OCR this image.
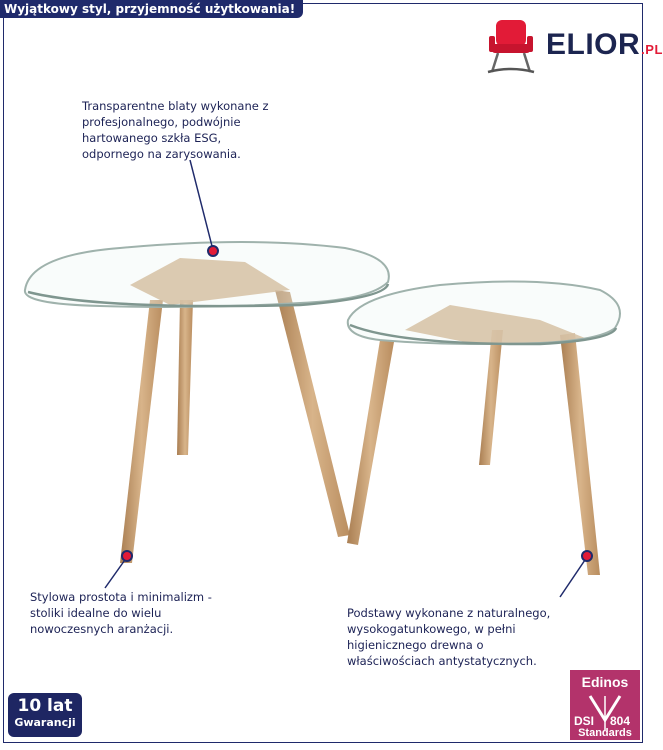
Wyjątkowy styl, przyjemność użytkowania!
ELIOR.PL
Transparentne blaty wykonane z
profesjonalnego, podwójnie
hartowanego szkła ESG,
odpornego na zarysowania.
Stylowa prostota i minimalizm -
stoliki idealne do wielu
nowoczesnych aranżacji.
Podstawy wykonane z naturalnego,
wysokogatunkowego, w pełni
higienicznego drewna o
właściwościach antystatycznych.
10 lat
Gwarancji
Edinos
DSI 804
Standards
